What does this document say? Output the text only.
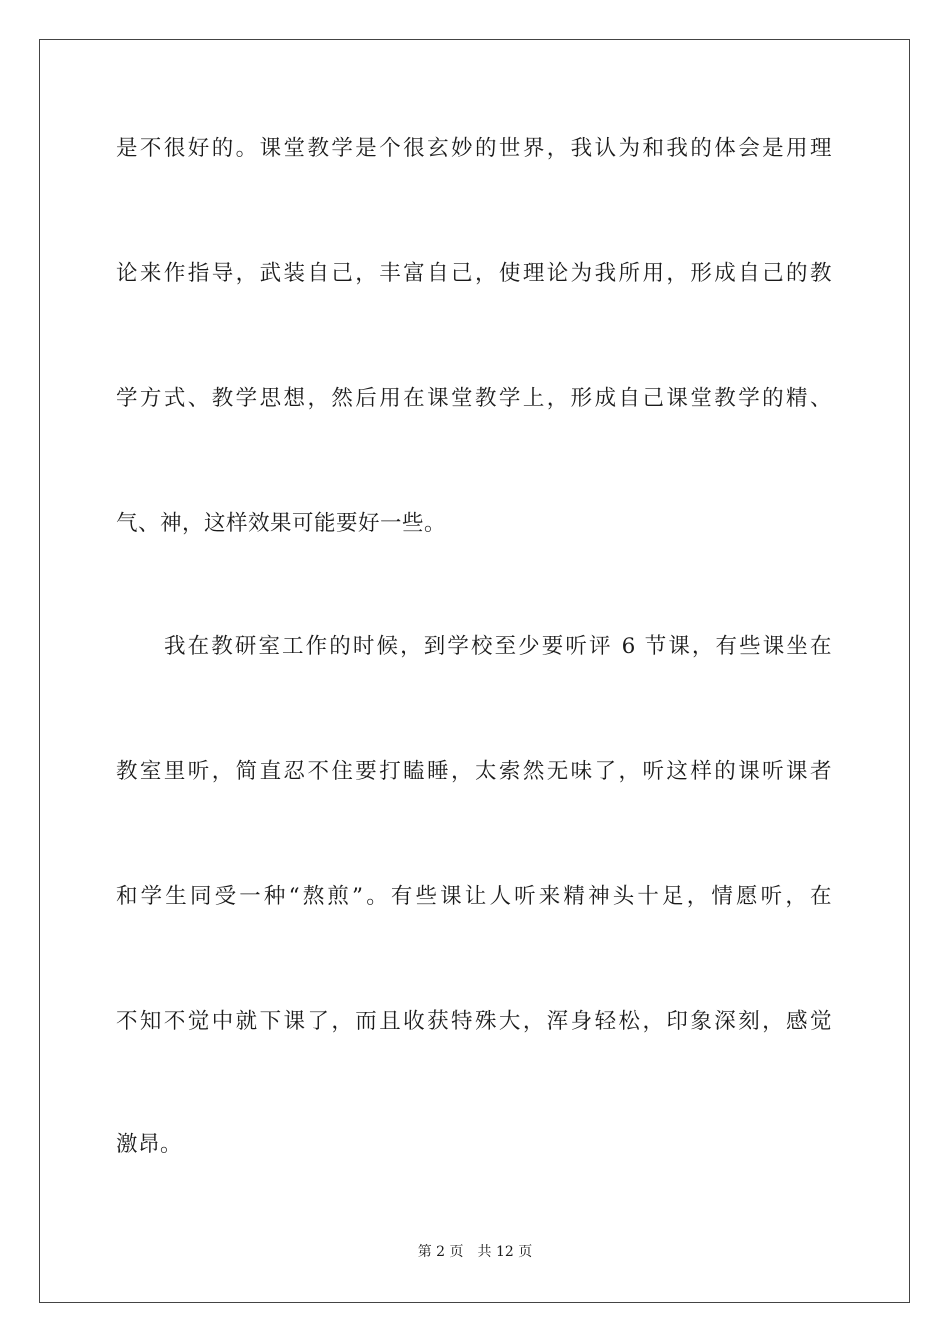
是不很好的。课堂教学是个很玄妙的世界，我认为和我的体会是用理
论来作指导，武装自己，丰富自己，使理论为我所用，形成自己的教
学方式、教学思想，然后用在课堂教学上，形成自己课堂教学的精、
气、神，这样效果可能要好一些。
我在教研室工作的时候，到学校至少要听评 6 节课，有些课坐在
教室里听，简直忍不住要打瞌睡，太索然无味了，听这样的课听课者
和学生同受一种“熬煎”。有些课让人听来精神头十足，情愿听，在
不知不觉中就下课了，而且收获特殊大，浑身轻松，印象深刻，感觉
激昂。
第 2 页 共 12 页
